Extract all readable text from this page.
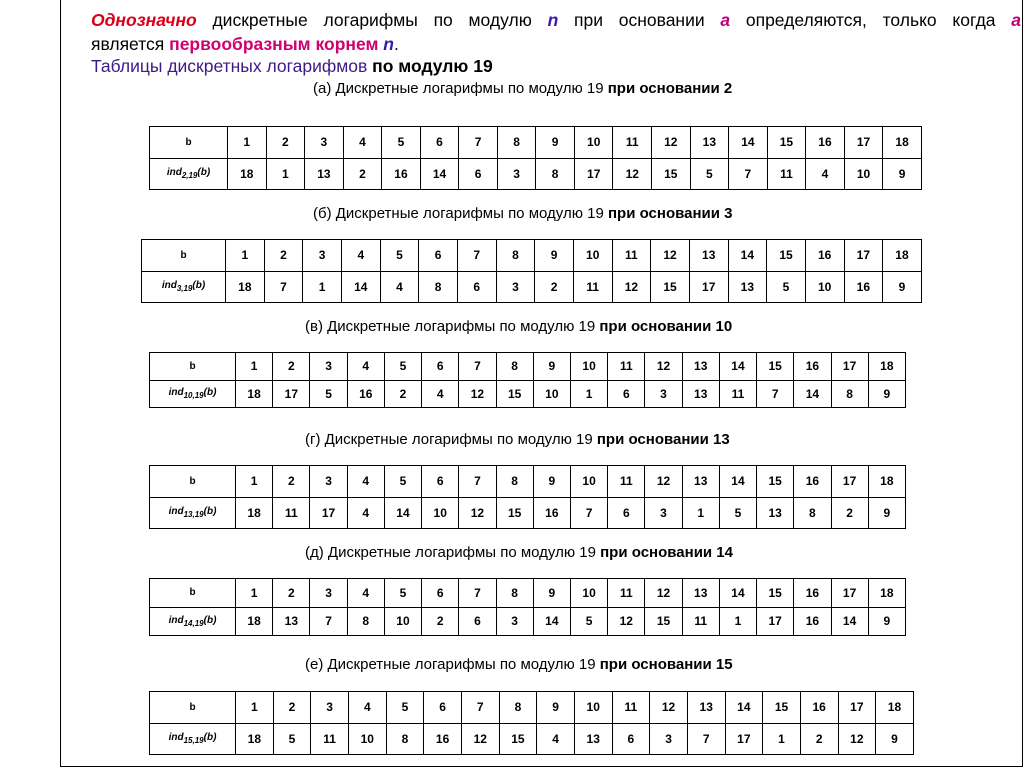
Однозначно дискретные логарифмы по модулю n при основании a определяются, только когда a
является первообразным корнем n.
Таблицы дискретных логарифмов по модулю 19
(а) Дискретные логарифмы по модулю 19 при основании 2
b	1	2	3	4	5	6	7	8	9	10	11	12	13	14	15	16	17	18
ind$_{2,19}$(b)	18	1	13	2	16	14	6	3	8	17	12	15	5	7	11	4	10	9
(б) Дискретные логарифмы по модулю 19 при основании 3
b	1	2	3	4	5	6	7	8	9	10	11	12	13	14	15	16	17	18
ind$_{3,19}$(b)	18	7	1	14	4	8	6	3	2	11	12	15	17	13	5	10	16	9
(в) Дискретные логарифмы по модулю 19 при основании 10
b	1	2	3	4	5	6	7	8	9	10	11	12	13	14	15	16	17	18
ind$_{10,19}$(b)	18	17	5	16	2	4	12	15	10	1	6	3	13	11	7	14	8	9
(г) Дискретные логарифмы по модулю 19 при основании 13
b	1	2	3	4	5	6	7	8	9	10	11	12	13	14	15	16	17	18
ind$_{13,19}$(b)	18	11	17	4	14	10	12	15	16	7	6	3	1	5	13	8	2	9
(д) Дискретные логарифмы по модулю 19 при основании 14
b	1	2	3	4	5	6	7	8	9	10	11	12	13	14	15	16	17	18
ind$_{14,19}$(b)	18	13	7	8	10	2	6	3	14	5	12	15	11	1	17	16	14	9
(е) Дискретные логарифмы по модулю 19 при основании 15
b	1	2	3	4	5	6	7	8	9	10	11	12	13	14	15	16	17	18
ind$_{15,19}$(b)	18	5	11	10	8	16	12	15	4	13	6	3	7	17	1	2	12	9
